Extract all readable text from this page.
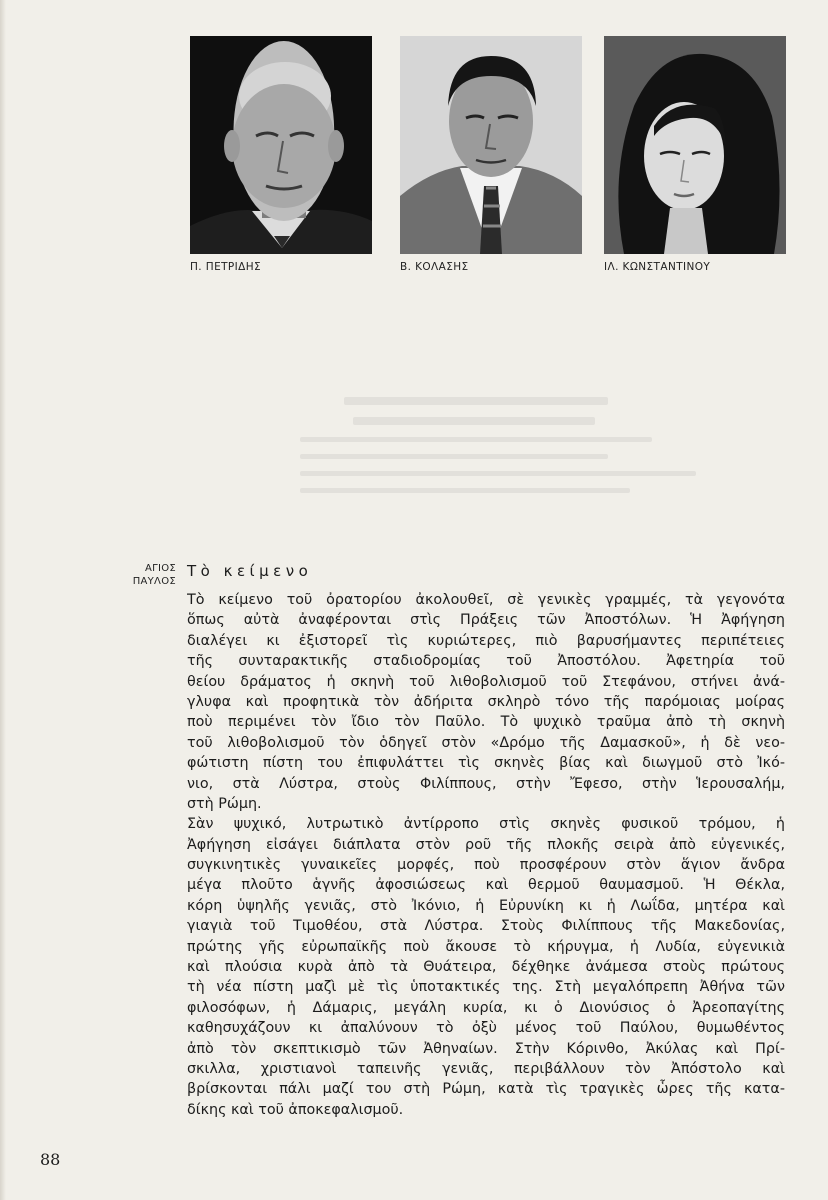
Π. ΠΕΤΡΙΔΗΣ	Β. ΚΟΛΑΣΗΣ	ΙΛ. ΚΩΝΣΤΑΝΤΙΝΟΥ
ΑΓΙΟΣ
ΠΑΥΛΟΣ
Τὸ κείμενο
Τὸ κείμενο τοῦ ὀρατορίου ἀκολουθεῖ, σὲ γενικὲς γραμμές, τὰ γεγονότα
ὅπως αὐτὰ ἀναφέρονται στὶς Πράξεις τῶν Ἀποστόλων. Ἡ Ἀφήγηση
διαλέγει κι ἐξιστορεῖ τὶς κυριώτερες, πιὸ βαρυσήμαντες περιπέτειες
τῆς συνταρακτικῆς σταδιοδρομίας τοῦ Ἀποστόλου. Ἀφετηρία τοῦ
θείου δράματος ἡ σκηνὴ τοῦ λιθοβολισμοῦ τοῦ Στεφάνου, στήνει ἀνά-
γλυφα καὶ προφητικὰ τὸν ἀδήριτα σκληρὸ τόνο τῆς παρόμοιας μοίρας
ποὺ περιμένει τὸν ἴδιο τὸν Παῦλο. Τὸ ψυχικὸ τραῦμα ἀπὸ τὴ σκηνὴ
τοῦ λιθοβολισμοῦ τὸν ὁδηγεῖ στὸν «Δρόμο τῆς Δαμασκοῦ», ἡ δὲ νεο-
φώτιστη πίστη του ἐπιφυλάττει τὶς σκηνὲς βίας καὶ διωγμοῦ στὸ Ἰκό-
νιο, στὰ Λύστρα, στοὺς Φιλίππους, στὴν Ἔφεσο, στὴν Ἱερουσαλήμ,
στὴ Ρώμη.
Σὰν ψυχικό, λυτρωτικὸ ἀντίρροπο στὶς σκηνὲς φυσικοῦ τρόμου, ἡ
Ἀφήγηση εἰσάγει διάπλατα στὸν ροῦ τῆς πλοκῆς σειρὰ ἀπὸ εὐγενικές,
συγκινητικὲς γυναικεῖες μορφές, ποὺ προσφέρουν στὸν ἅγιον ἄνδρα
μέγα πλοῦτο ἁγνῆς ἀφοσιώσεως καὶ θερμοῦ θαυμασμοῦ. Ἡ Θέκλα,
κόρη ὑψηλῆς γενιᾶς, στὸ Ἰκόνιο, ἡ Εὐρυνίκη κι ἡ Λωΐδα, μητέρα καὶ
γιαγιὰ τοῦ Τιμοθέου, στὰ Λύστρα. Στοὺς Φιλίππους τῆς Μακεδονίας,
πρώτης γῆς εὐρωπαϊκῆς ποὺ ἄκουσε τὸ κήρυγμα, ἡ Λυδία, εὐγενικιὰ
καὶ πλούσια κυρὰ ἀπὸ τὰ Θυάτειρα, δέχθηκε ἀνάμεσα στοὺς πρώτους
τὴ νέα πίστη μαζὶ μὲ τὶς ὑποτακτικές της. Στὴ μεγαλόπρεπη Ἀθήνα τῶν
φιλοσόφων, ἡ Δάμαρις, μεγάλη κυρία, κι ὁ Διονύσιος ὁ Ἀρεοπαγίτης
καθησυχάζουν κι ἀπαλύνουν τὸ ὀξὺ μένος τοῦ Παύλου, θυμωθέντος
ἀπὸ τὸν σκεπτικισμὸ τῶν Ἀθηναίων. Στὴν Κόρινθο, Ἀκύλας καὶ Πρί-
σκιλλα, χριστιανοὶ ταπεινῆς γενιᾶς, περιβάλλουν τὸν Ἀπόστολο καὶ
βρίσκονται πάλι μαζί του στὴ Ρώμη, κατὰ τὶς τραγικὲς ὧρες τῆς κατα-
δίκης καὶ τοῦ ἀποκεφαλισμοῦ.
88
